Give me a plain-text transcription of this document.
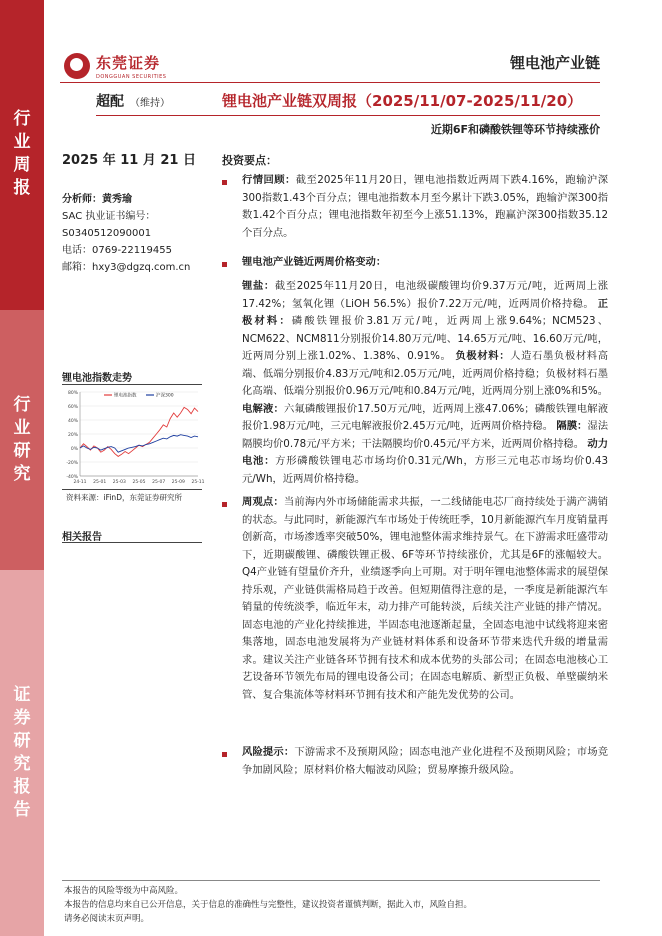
行业周报
行业研究
证券研究报告
东莞证券
DONGGUAN SECURITIES
锂电池产业链
超配 （维持）	锂电池产业链双周报（2025/11/07-2025/11/20）
近期6F和磷酸铁锂等环节持续涨价
2025 年 11 月 21 日
分析师：黄秀瑜
SAC 执业证书编号：
S0340512090001
电话：0769-22119455
邮箱：hxy3@dgzq.com.cn
锂电池指数走势
-40%
-20%
0%
20%
40%
60%
80%
24-11 25-01 25-03 25-05 25-07 25-09 25-11
锂电池指数	沪深300
资料来源：iFinD，东莞证券研究所
相关报告
投资要点：
行情回顾：截至2025年11月20日，锂电池指数近两周下跌4.16%，跑输沪深300指数1.43个百分点；锂电池指数本月至今累计下跌3.05%，跑输沪深300指数1.42个百分点；锂电池指数年初至今上涨51.13%，跑赢沪深300指数35.12个百分点。
锂电池产业链近两周价格变动：
锂盐：截至2025年11月20日，电池级碳酸锂均价9.37万元/吨，近两周上涨17.42%；氢氧化锂（LiOH 56.5%）报价7.22万元/吨，近两周价格持稳。 正极材料：磷酸铁锂报价3.81万元/吨，近两周上涨9.64%；NCM523、NCM622、NCM811分别报价14.80万元/吨、14.65万元/吨、16.60万元/吨，近两周分别上涨1.02%、1.38%、0.91%。 负极材料：人造石墨负极材料高端、低端分别报价4.83万元/吨和2.05万元/吨，近两周价格持稳；负极材料石墨化高端、低端分别报价0.96万元/吨和0.84万元/吨，近两周分别上涨0%和5%。 电解液：六氟磷酸锂报价17.50万元/吨，近两周上涨47.06%；磷酸铁锂电解液报价1.98万元/吨，三元电解液报价2.45万元/吨，近两周价格持稳。 隔膜：湿法隔膜均价0.78元/平方米；干法隔膜均价0.45元/平方米，近两周价格持稳。 动力电池：方形磷酸铁锂电芯市场均价0.31元/Wh，方形三元电芯市场均价0.43元/Wh，近两周价格持稳。
周观点：当前海内外市场储能需求共振，一二线储能电芯厂商持续处于满产满销的状态。与此同时，新能源汽车市场处于传统旺季，10月新能源汽车月度销量再创新高，市场渗透率突破50%，锂电池整体需求维持景气。在下游需求旺盛带动下，近期碳酸锂、磷酸铁锂正极、6F等环节持续涨价，尤其是6F的涨幅较大。Q4产业链有望量价齐升，业绩逐季向上可期。对于明年锂电池整体需求的展望保持乐观，产业链供需格局趋于改善。但短期值得注意的是，一季度是新能源汽车销量的传统淡季，临近年末，动力排产可能转淡，后续关注产业链的排产情况。固态电池的产业化持续推进，半固态电池逐渐起量，全固态电池中试线将迎来密集落地，固态电池发展将为产业链材料体系和设备环节带来迭代升级的增量需求。建议关注产业链各环节拥有技术和成本优势的头部公司；在固态电池核心工艺设备环节领先布局的锂电设备公司；在固态电解质、新型正负极、单壁碳纳米管、复合集流体等材料环节拥有技术和产能先发优势的公司。
风险提示：下游需求不及预期风险；固态电池产业化进程不及预期风险；市场竞争加剧风险；原材料价格大幅波动风险；贸易摩擦升级风险。
本报告的风险等级为中高风险。
本报告的信息均来自已公开信息，关于信息的准确性与完整性，建议投资者谨慎判断，据此入市，风险自担。
请务必阅读末页声明。
